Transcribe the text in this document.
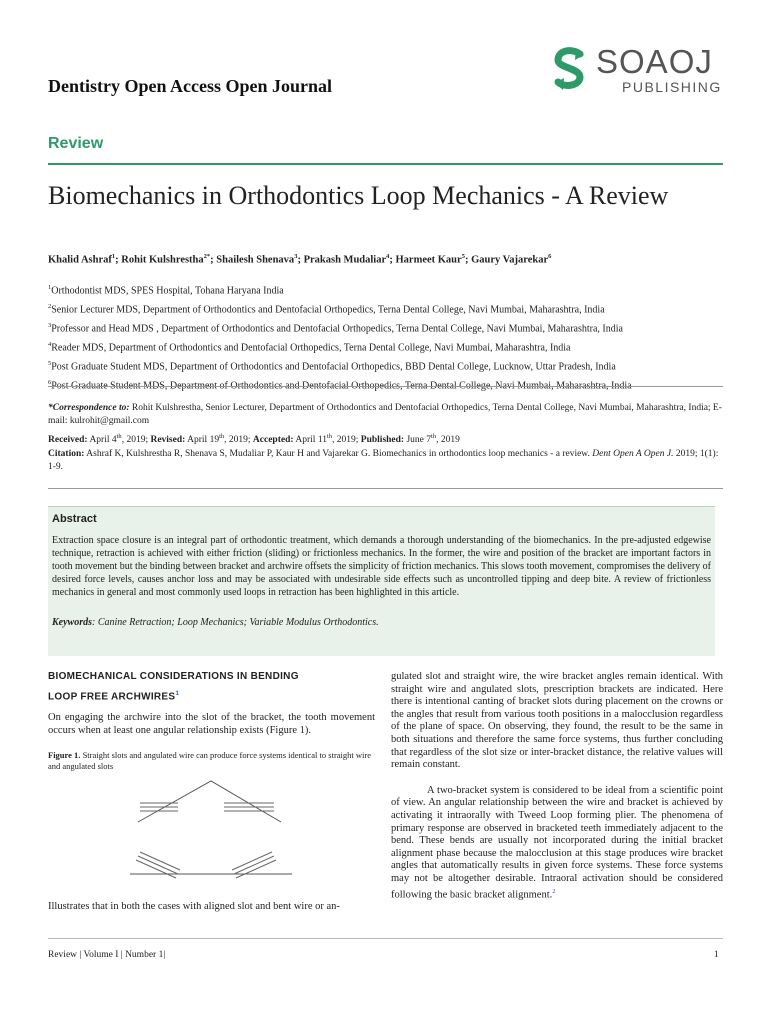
Dentistry Open Access Open Journal
SOAOJ
PUBLISHING
Review
Biomechanics in Orthodontics Loop Mechanics - A Review
Khalid Ashraf$^1$; Rohit Kulshrestha$^{2*}$; Shailesh Shenava$^3$; Prakash Mudaliar$^4$; Harmeet Kaur$^5$; Gaury Vajarekar$^6$
$^1$Orthodontist MDS, SPES Hospital, Tohana Haryana India
$^2$Senior Lecturer MDS, Department of Orthodontics and Dentofacial Orthopedics, Terna Dental College, Navi Mumbai, Maharashtra, India
$^3$Professor and Head MDS , Department of Orthodontics and Dentofacial Orthopedics, Terna Dental College, Navi Mumbai, Maharashtra, India
$^4$Reader MDS, Department of Orthodontics and Dentofacial Orthopedics, Terna Dental College, Navi Mumbai, Maharashtra, India
$^5$Post Graduate Student MDS, Department of Orthodontics and Dentofacial Orthopedics, BBD Dental College, Lucknow, Uttar Pradesh, India
$^6$
*Correspondence to: Rohit Kulshrestha, Senior Lecturer, Department of Orthodontics and Dentofacial Orthopedics, Terna Dental College, Navi Mumbai, Maharashtra, India; E-mail: kulrohit@gmail.com
Received: April 4th, 2019; Revised: April 19th, 2019; Accepted: April 11th, 2019; Published: June 7th, 2019
Citation: Ashraf K, Kulshrestha R, Shenava S, Mudaliar P, Kaur H and Vajarekar G. Biomechanics in orthodontics loop mechanics - a review. Dent Open A Open J. 2019; 1(1): 1-9.
Abstract
Extraction space closure is an integral part of orthodontic treatment, which demands a thorough understanding of the biomechanics. In the pre-adjusted edgewise technique, retraction is achieved with either friction (sliding) or frictionless mechanics. In the former, the wire and position of the bracket are important factors in tooth movement but the binding between bracket and archwire offsets the simplicity of friction mechanics. This slows tooth movement, compromises the delivery of desired force levels, causes anchor loss and may be associated with undesirable side effects such as uncontrolled tipping and deep bite. A review of frictionless mechanics in general and most commonly used loops in retraction has been highlighted in this article.
Keywords: Canine Retraction; Loop Mechanics; Variable Modulus Orthodontics.
BIOMECHANICAL CONSIDERATIONS IN BENDING
LOOP FREE ARCHWIRES$^1$
On engaging the archwire into the slot of the bracket, the tooth movement occurs when at least one angular relationship exists (Figure 1).
Figure 1. Straight slots and angulated wire can produce force systems identical to straight wire and angulated slots
Illustrates that in both the cases with aligned slot and bent wire or an-
gulated slot and straight wire, the wire bracket angles remain identical. With straight wire and angulated slots, prescription brackets are indicated. Here there is intentional canting of bracket slots during placement on the crowns or the angles that result from various tooth positions in a malocclusion regardless of the plane of space. On observing, they found, the result to be the same in both situations and therefore the same force systems, thus further concluding that regardless of the slot size or inter-bracket distance, the relative values will remain constant.
A two-bracket system is considered to be ideal from a scientific point of view. An angular relationship between the wire and bracket is achieved by activating it intraorally with Tweed Loop forming plier. The phenomena of primary response are observed in bracketed teeth immediately adjacent to the bend. These bends are usually not incorporated during the initial bracket alignment phase because the malocclusion at this stage produces wire bracket angles that automatically results in given force systems. These force systems may not be altogether desirable. Intraoral activation should be considered following the basic bracket alignment.$^2$
Review | Volume I | Number 1|	1
